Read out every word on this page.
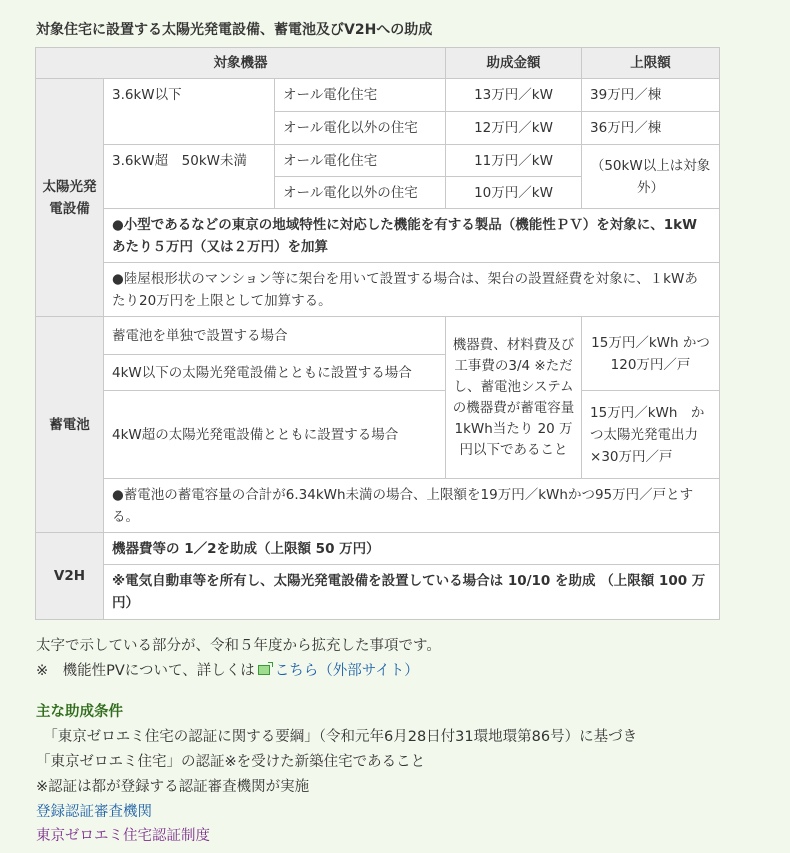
対象住宅に設置する太陽光発電設備、蓄電池及びV2Hへの助成
対象機器			助成金額	上限額
太陽光発電設備	3.6kW以下	オール電化住宅	13万円／kW	39万円／棟
		オール電化以外の住宅	12万円／kW	36万円／棟
	3.6kW超　50kW未満	オール電化住宅	11万円／kW	（50kW以上は対象外）
		オール電化以外の住宅	10万円／kW	
	●小型であるなどの東京の地域特性に対応した機能を有する製品（機能性ＰＶ）を対象に、1kW あたり５万円（又は２万円）を加算			
	●陸屋根形状のマンション等に架台を用いて設置する場合は、架台の設置経費を対象に、１kWあたり20万円を上限として加算する。			
蓄電池	蓄電池を単独で設置する場合		機器費、材料費及び工事費の3/4 ※ただし、蓄電池システムの機器費が蓄電容量 1kWh当たり 20 万円以下であること	15万円／kWh かつ 120万円／戸
	4kW以下の太陽光発電設備とともに設置する場合			
	4kW超の太陽光発電設備とともに設置する場合			15万円／kWh　かつ太陽光発電出力×30万円／戸
	●蓄電池の蓄電容量の合計が6.34kWh未満の場合、上限額を19万円／kWhかつ95万円／戸とする。			
V2H	機器費等の 1／2を助成（上限額 50 万円）			
	※電気自動車等を所有し、太陽光発電設備を設置している場合は 10/10 を助成 （上限額 100 万円）			
太字で示している部分が、令和５年度から拡充した事項です。
※　機能性PVについて、詳しくは こちら（外部サイト）
主な助成条件
　「東京ゼロエミ住宅の認証に関する要綱」（令和元年6月28日付31環地環第86号）に基づき
「東京ゼロエミ住宅」の認証※を受けた新築住宅であること
※認証は都が登録する認証審査機関が実施
登録認証審査機関
東京ゼロエミ住宅認証制度
